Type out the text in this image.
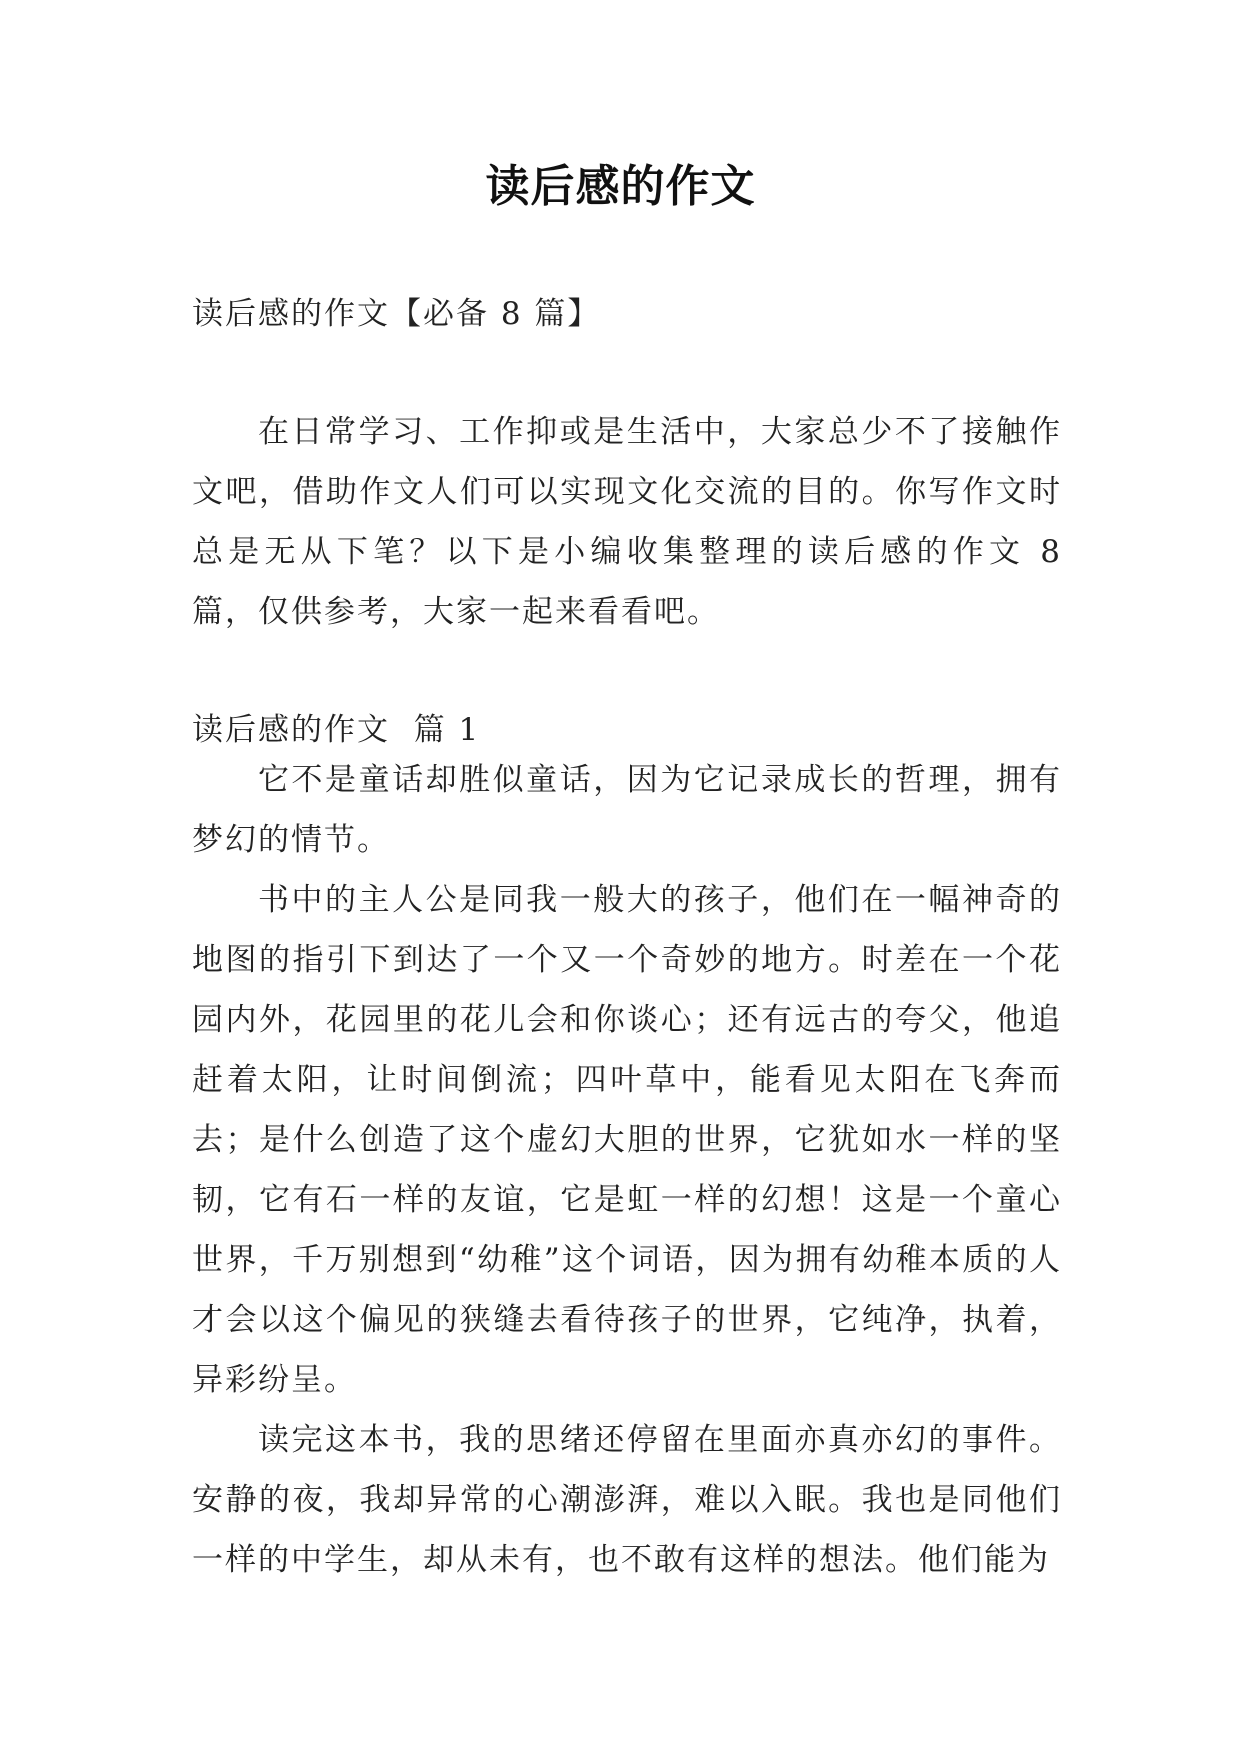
读后感的作文
读后感的作文【必备 8 篇】
在日常学习、工作抑或是生活中，大家总少不了接触作文吧，借助作文人们可以实现文化交流的目的。你写作文时总是无从下笔？以下是小编收集整理的读后感的作文 8 篇，仅供参考，大家一起来看看吧。
读后感的作文  篇 1

它不是童话却胜似童话，因为它记录成长的哲理，拥有梦幻的情节。

书中的主人公是同我一般大的孩子，他们在一幅神奇的地图的指引下到达了一个又一个奇妙的地方。时差在一个花园内外，花园里的花儿会和你谈心；还有远古的夸父，他追赶着太阳，让时间倒流；四叶草中，能看见太阳在飞奔而去；是什么创造了这个虚幻大胆的世界，它犹如水一样的坚韧，它有石一样的友谊，它是虹一样的幻想！这是一个童心世界，千万别想到“幼稚”这个词语，因为拥有幼稚本质的人才会以这个偏见的狭缝去看待孩子的世界，它纯净，执着，异彩纷呈。

读完这本书，我的思绪还停留在里面亦真亦幻的事件。安静的夜，我却异常的心潮澎湃，难以入眠。我也是同他们一样的中学生，却从未有，也不敢有这样的想法。他们能为
